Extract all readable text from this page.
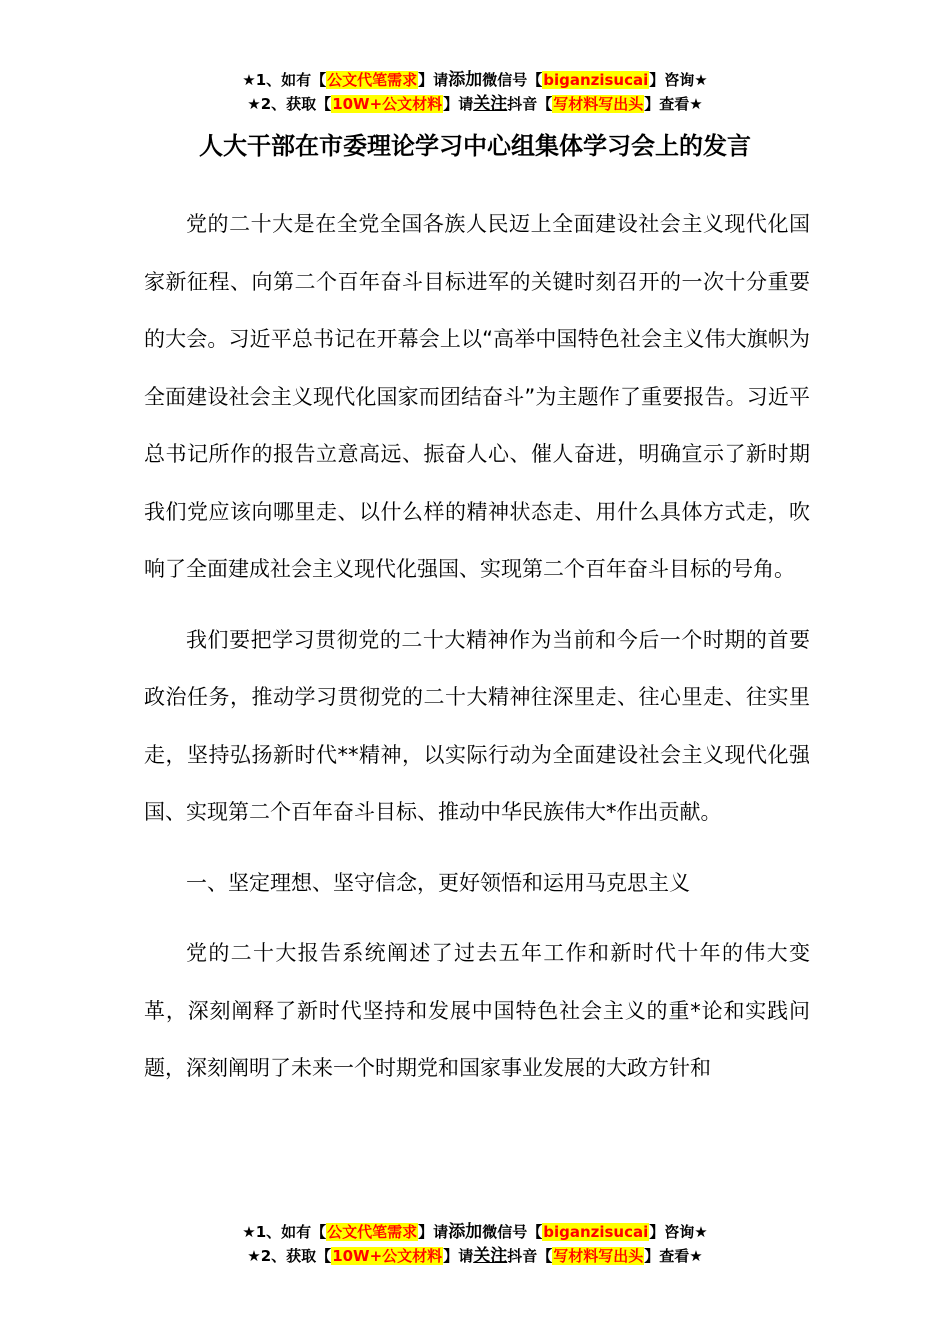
★1、如有【公文代笔需求】请添加微信号【biganzisucai】咨询★
★2、获取【10W+公文材料】请关注抖音【写材料写出头】查看★
人大干部在市委理论学习中心组集体学习会上的发言

党的二十大是在全党全国各族人民迈上全面建设社会主义现代化国家新征程、向第二个百年奋斗目标进军的关键时刻召开的一次十分重要的大会。习近平总书记在开幕会上以“高举中国特色社会主义伟大旗帜为全面建设社会主义现代化国家而团结奋斗”为主题作了重要报告。习近平总书记所作的报告立意高远、振奋人心、催人奋进，明确宣示了新时期我们党应该向哪里走、以什么样的精神状态走、用什么具体方式走，吹响了全面建成社会主义现代化强国、实现第二个百年奋斗目标的号角。

我们要把学习贯彻党的二十大精神作为当前和今后一个时期的首要政治任务，推动学习贯彻党的二十大精神往深里走、往心里走、往实里走，坚持弘扬新时代**精神，以实际行动为全面建设社会主义现代化强国、实现第二个百年奋斗目标、推动中华民族伟大*作出贡献。

一、坚定理想、坚守信念，更好领悟和运用马克思主义

党的二十大报告系统阐述了过去五年工作和新时代十年的伟大变革，深刻阐释了新时代坚持和发展中国特色社会主义的重*论和实践问题，深刻阐明了未来一个时期党和国家事业发展的大政方针和

★1、如有【公文代笔需求】请添加微信号【biganzisucai】咨询★
★2、获取【10W+公文材料】请关注抖音【写材料写出头】查看★
